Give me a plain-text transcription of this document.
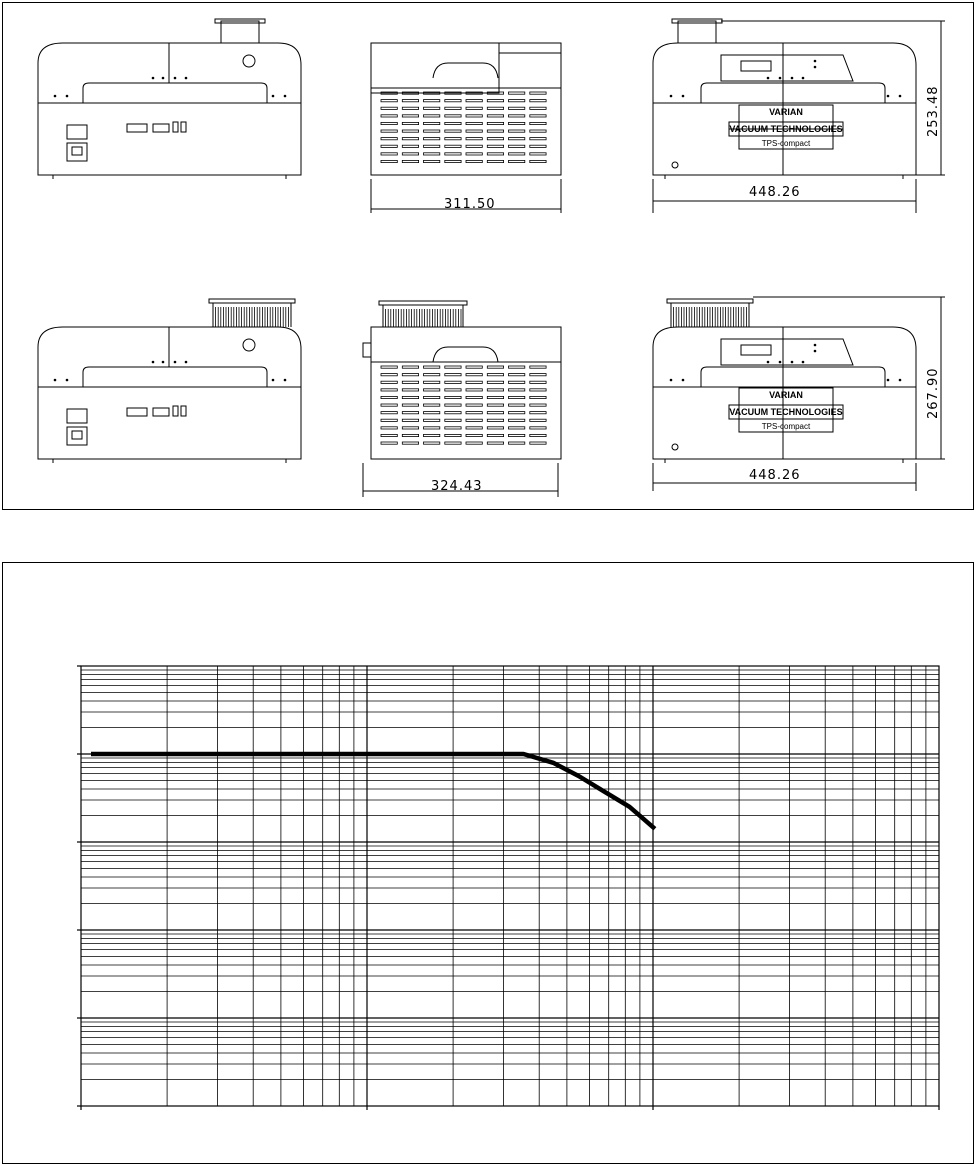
311.50
VARIAN
VACUUM TECHNOLOGIES
TPS-compact
448.26
253.48
324.43
VARIAN
VACUUM TECHNOLOGIES
TPS-compact
448.26
267.90
